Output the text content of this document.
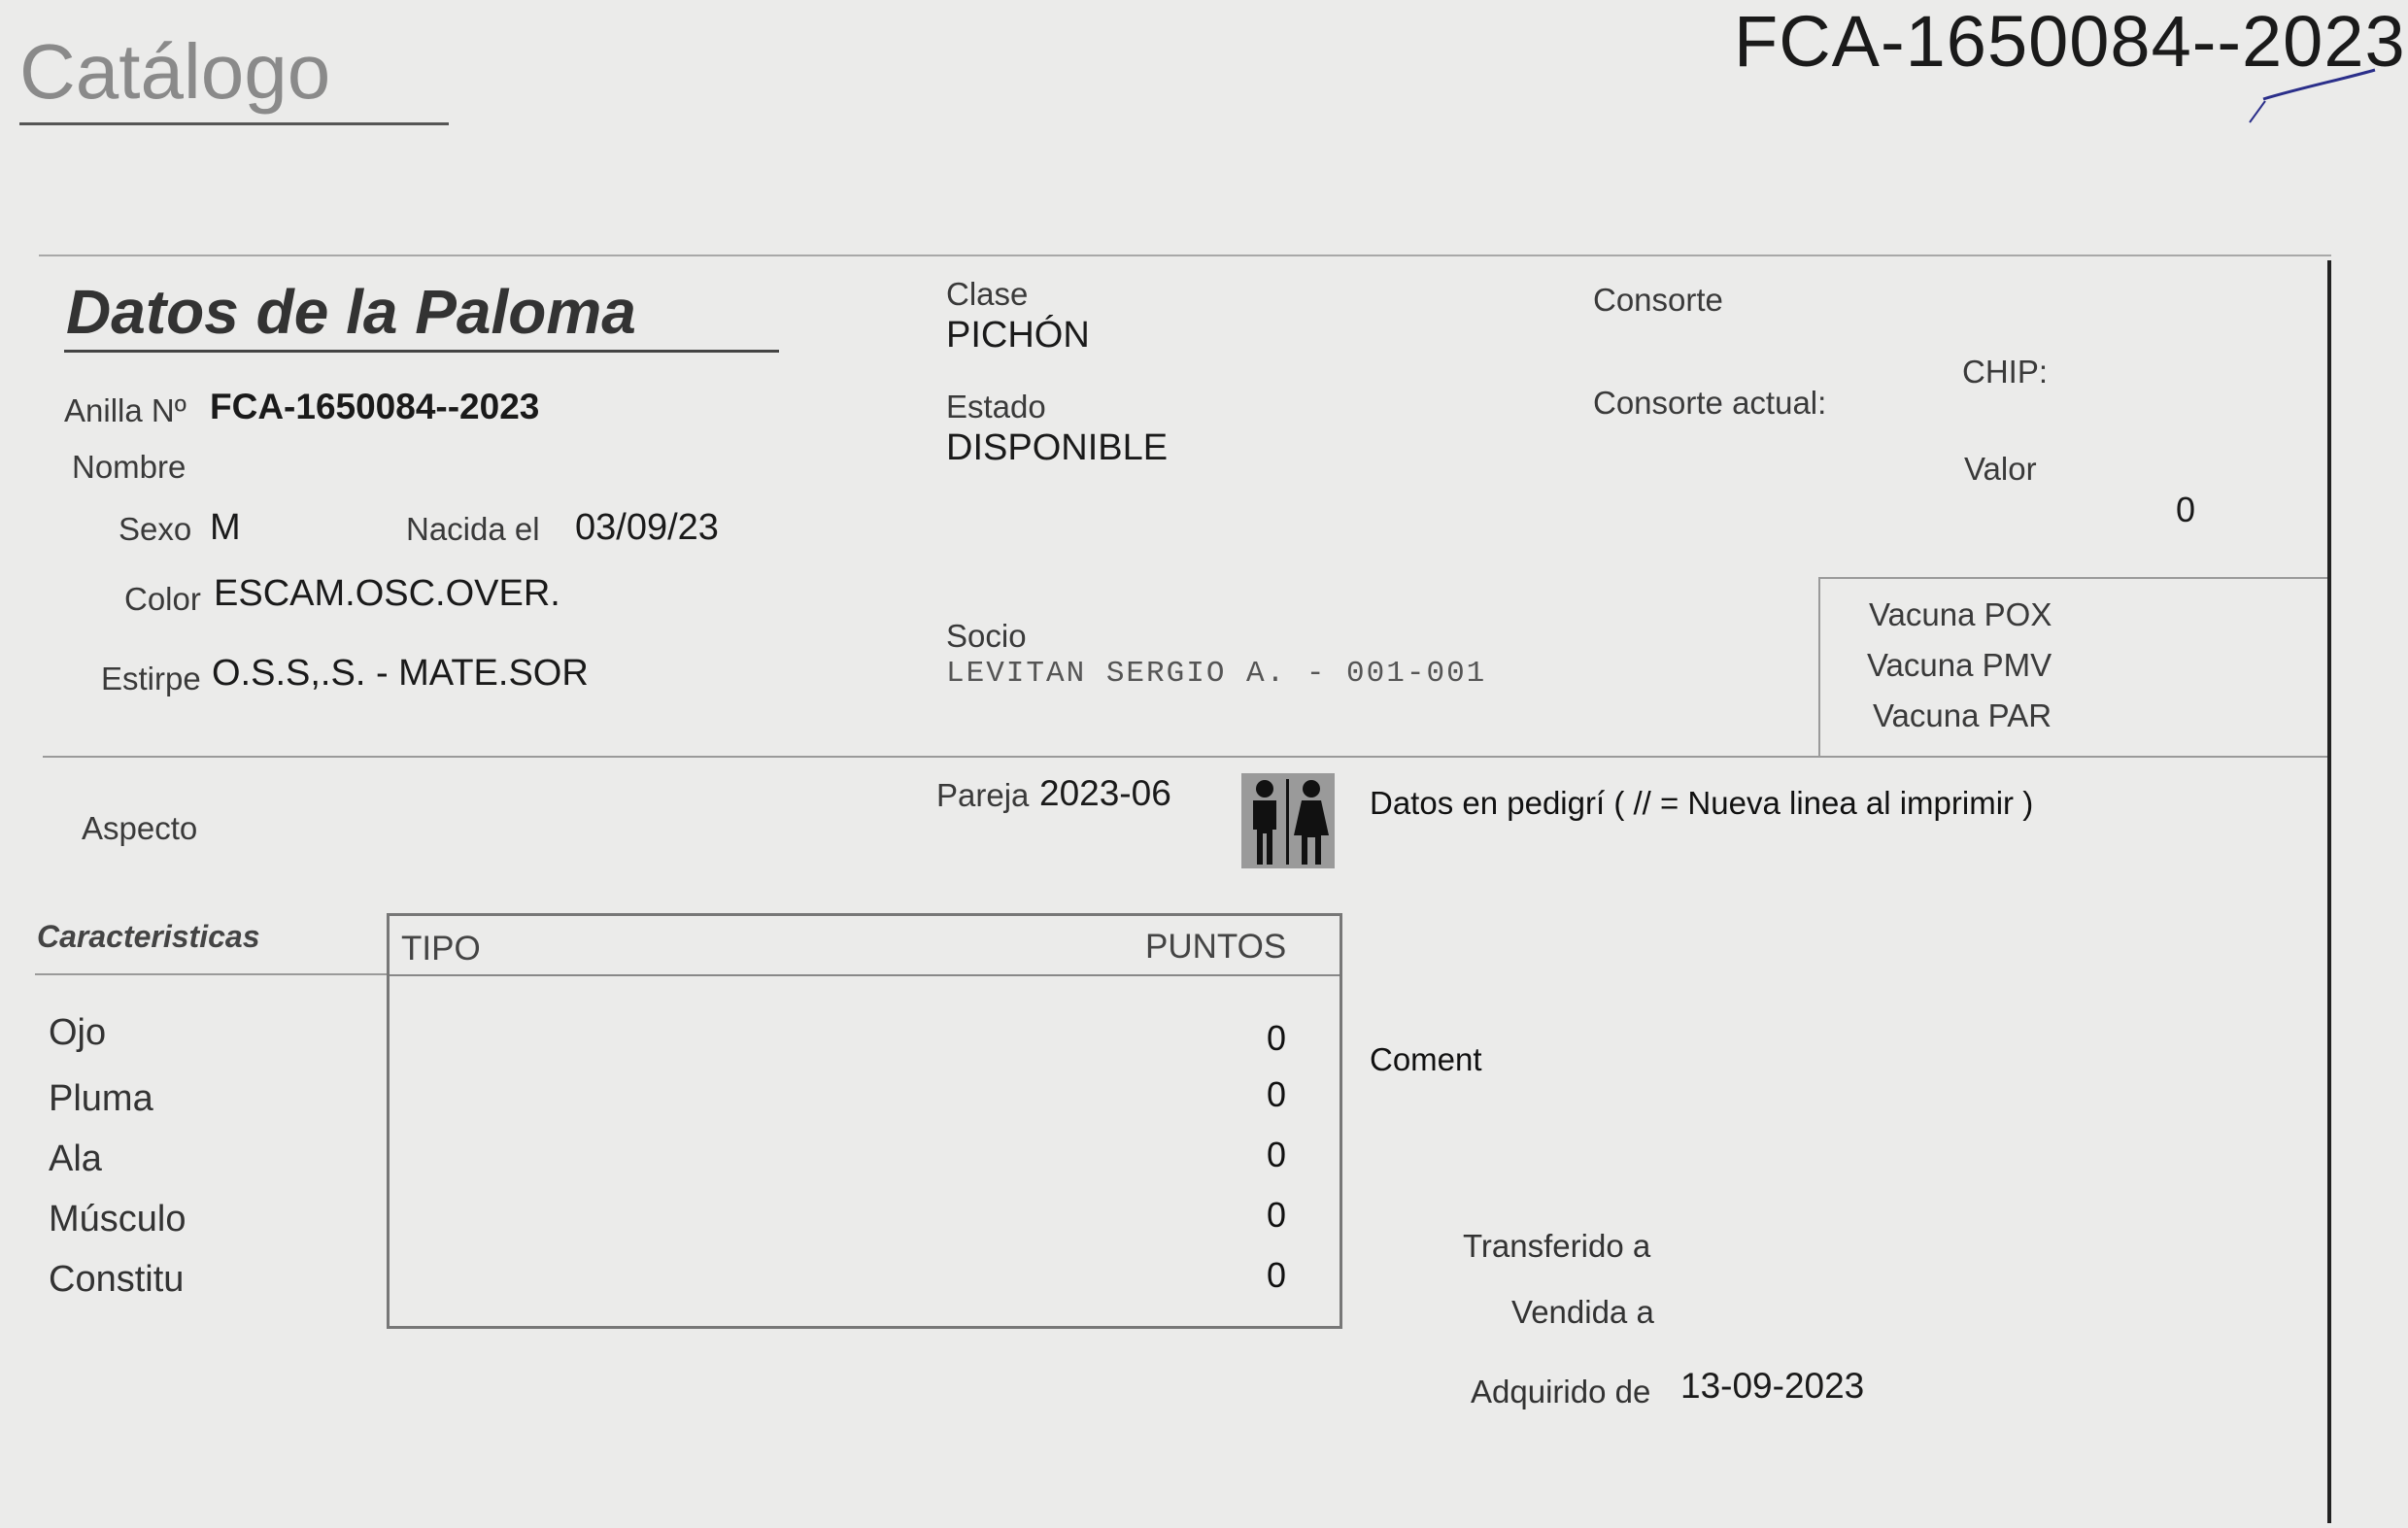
Catálogo	FCA-1650084--2023
Datos de la Paloma
Anilla Nº FCA-1650084--2023
Nombre
Sexo M	Nacida el 03/09/23
Color ESCAM.OSC.OVER.
Estirpe O.S.S,.S. - MATE.SOR
Clase
PICHÓN
Estado
DISPONIBLE
Socio
LEVITAN SERGIO A. - 001-001
Consorte
Consorte actual:
CHIP:
Valor
0
Vacuna POX
Vacuna PMV
Vacuna PAR
Aspecto
Pareja 2023-06	Datos en pedigrí ( // = Nueva linea al imprimir )
Caracteristicas	TIPO	PUNTOS
Ojo	0
Pluma	0
Ala	0
Músculo	0
Constitu	0
Coment
Transferido a
Vendida a
Adquirido de 13-09-2023
